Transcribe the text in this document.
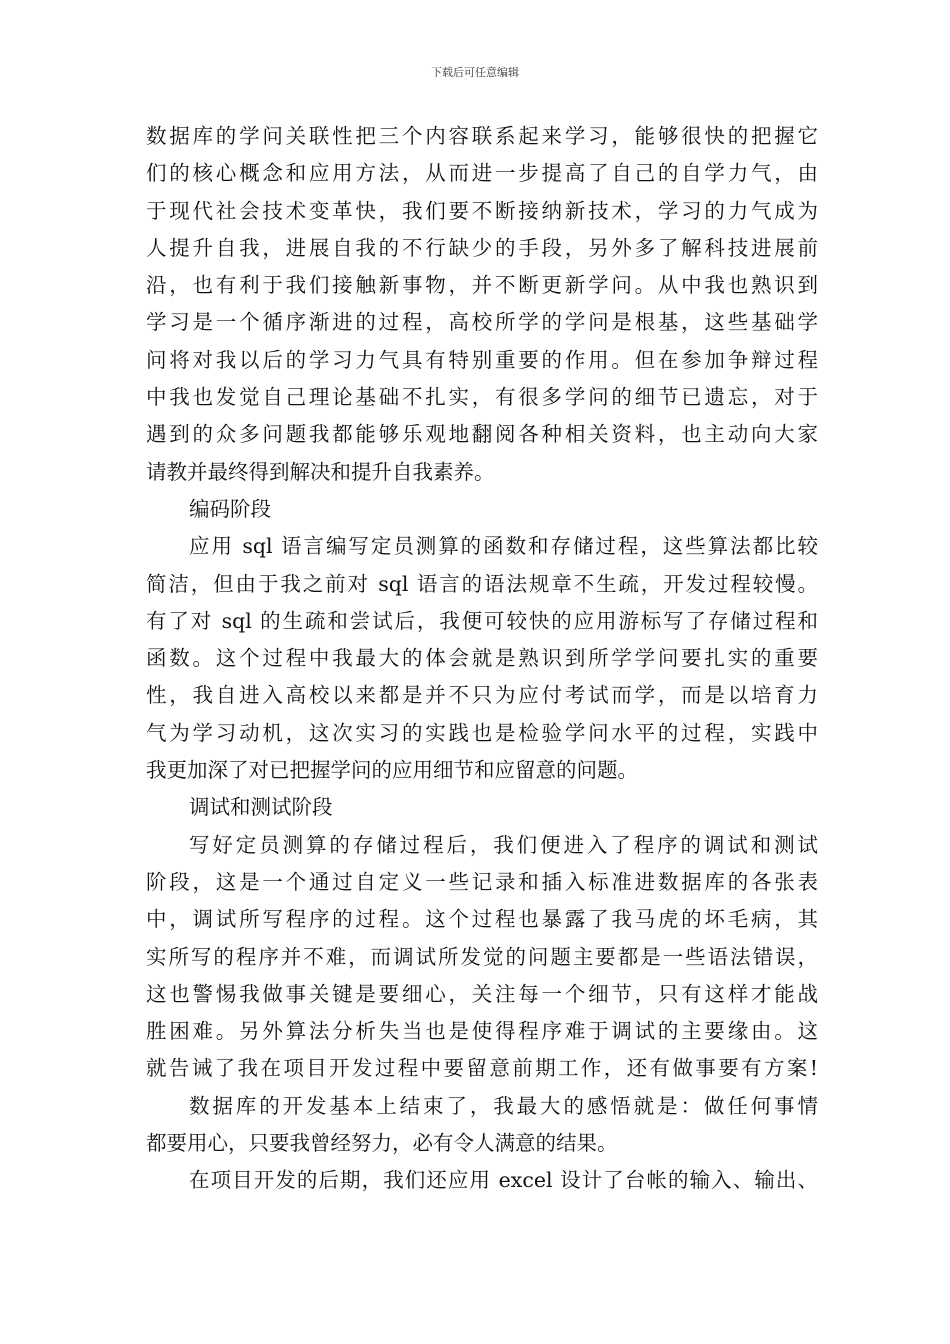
下载后可任意编辑
数据库的学问关联性把三个内容联系起来学习，能够很快的把握它
们的核心概念和应用方法，从而进一步提高了自己的自学力气，由
于现代社会技术变革快，我们要不断接纳新技术，学习的力气成为
人提升自我，进展自我的不行缺少的手段，另外多了解科技进展前
沿，也有利于我们接触新事物，并不断更新学问。从中我也熟识到
学习是一个循序渐进的过程，高校所学的学问是根基，这些基础学
问将对我以后的学习力气具有特别重要的作用。但在参加争辩过程
中我也发觉自己理论基础不扎实，有很多学问的细节已遗忘，对于
遇到的众多问题我都能够乐观地翻阅各种相关资料，也主动向大家
请教并最终得到解决和提升自我素养。
编码阶段
应用 sql 语言编写定员测算的函数和存储过程，这些算法都比较
简洁，但由于我之前对 sql 语言的语法规章不生疏，开发过程较慢。
有了对 sql 的生疏和尝试后，我便可较快的应用游标写了存储过程和
函数。这个过程中我最大的体会就是熟识到所学学问要扎实的重要
性，我自进入高校以来都是并不只为应付考试而学，而是以培育力
气为学习动机，这次实习的实践也是检验学问水平的过程，实践中
我更加深了对已把握学问的应用细节和应留意的问题。
调试和测试阶段
写好定员测算的存储过程后，我们便进入了程序的调试和测试
阶段，这是一个通过自定义一些记录和插入标准进数据库的各张表
中，调试所写程序的过程。这个过程也暴露了我马虎的坏毛病，其
实所写的程序并不难，而调试所发觉的问题主要都是一些语法错误，
这也警惕我做事关键是要细心，关注每一个细节，只有这样才能战
胜困难。另外算法分析失当也是使得程序难于调试的主要缘由。这
就告诫了我在项目开发过程中要留意前期工作，还有做事要有方案!
数据库的开发基本上结束了，我最大的感悟就是：做任何事情
都要用心，只要我曾经努力，必有令人满意的结果。
在项目开发的后期，我们还应用 excel 设计了台帐的输入、输出、
